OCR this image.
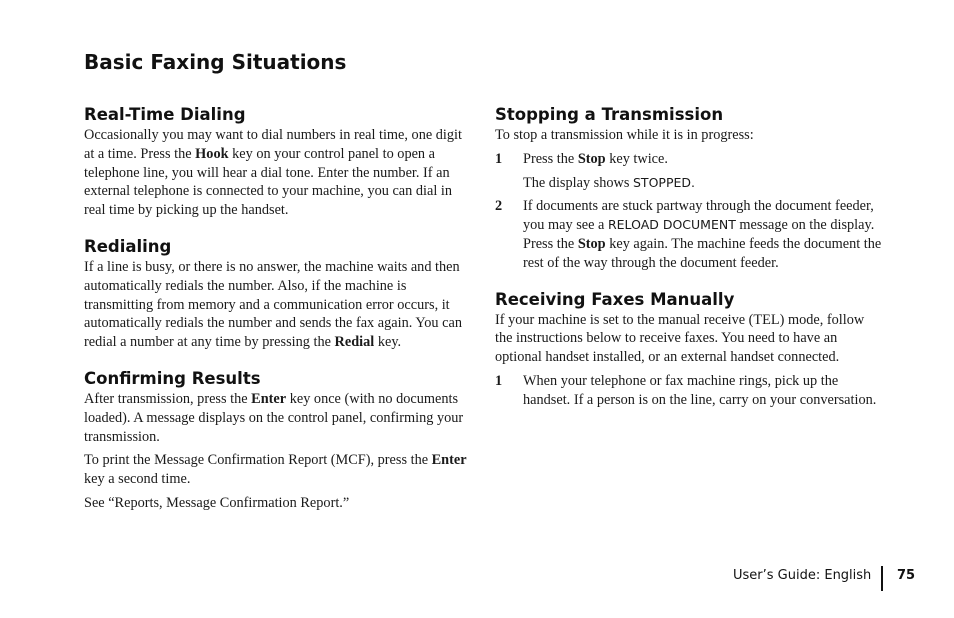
Basic Faxing Situations
Real-Time Dialing

Occasionally you may want to dial numbers in real time, one digit at a time. Press the Hook key on your control panel to open a telephone line, you will hear a dial tone. Enter the number. If an external telephone is connected to your machine, you can dial in real time by picking up the handset.

Redialing

If a line is busy, or there is no answer, the machine waits and then automatically redials the number. Also, if the machine is transmitting from memory and a communication error occurs, it automatically redials the number and sends the fax again. You can redial a number at any time by pressing the Redial key.

Confirming Results

After transmission, press the Enter key once (with no documents loaded). A message displays on the control panel, confirming your transmission.

To print the Message Confirmation Report (MCF), press the Enter key a second time.

See “Reports, Message Confirmation Report.”

Stopping a Transmission

To stop a transmission while it is in progress:

1 Press the Stop key twice.
The display shows STOPPED.
2 If documents are stuck partway through the document feeder, you may see a RELOAD DOCUMENT message on the display. Press the Stop key again. The machine feeds the document the rest of the way through the document feeder.
Receiving Faxes Manually

If your machine is set to the manual receive (TEL) mode, follow the instructions below to receive faxes. You need to have an optional handset installed, or an external handset connected.

1 When your telephone or fax machine rings, pick up the handset. If a person is on the line, carry on your conversation.
User’s Guide: English 75
